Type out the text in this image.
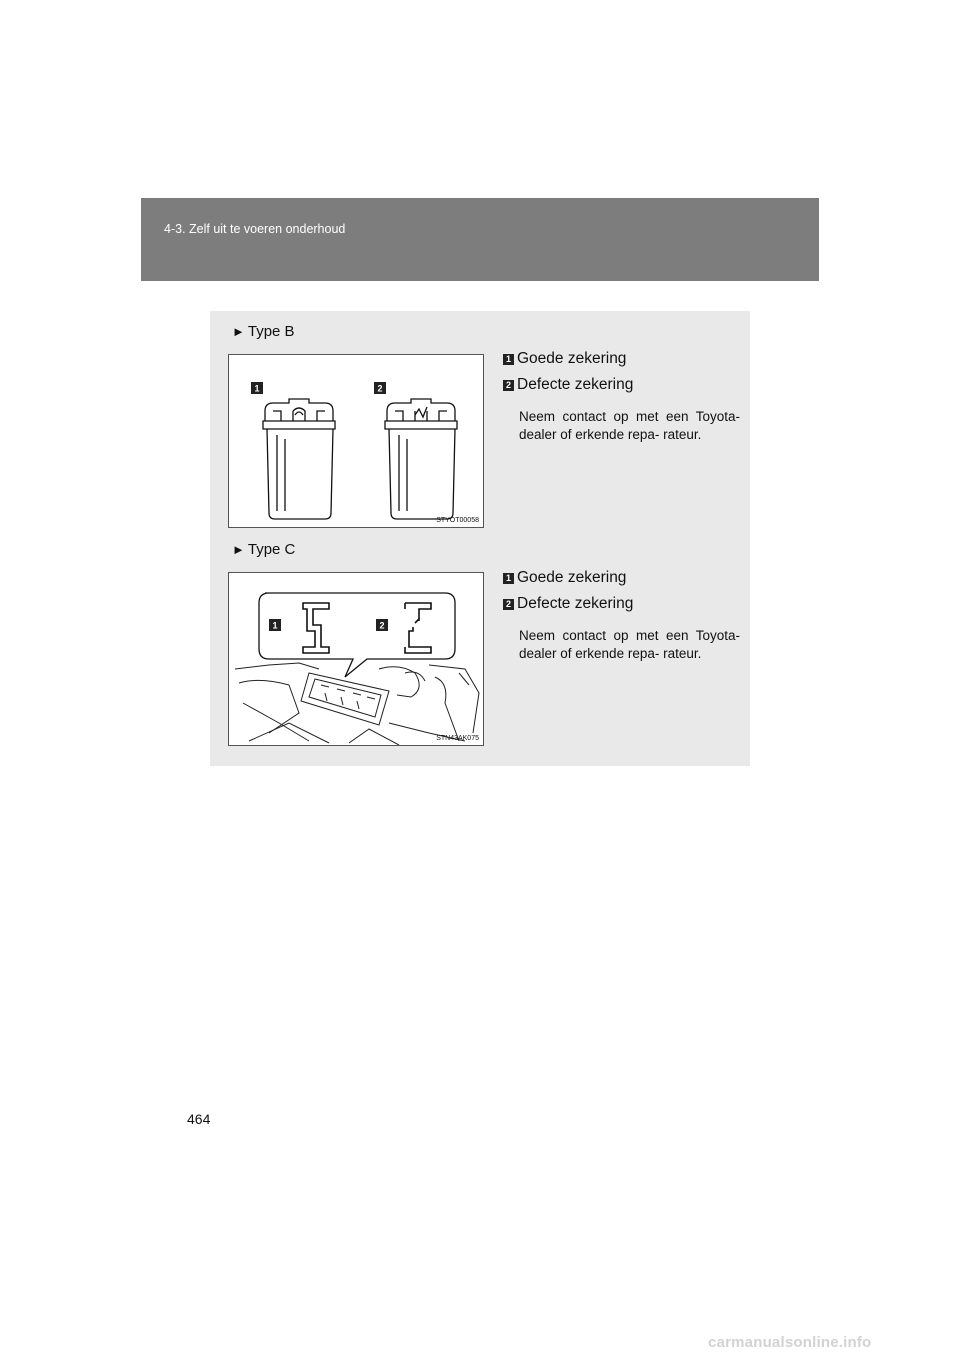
4-3. Zelf uit te voeren onderhoud
► Type B
1	2
STYOT00058
1 Goede zekering
2 Defecte zekering
Neem contact op met een Toyota-dealer of erkende repa- rateur.
► Type C
1	2
STN43AK075
1 Goede zekering
2 Defecte zekering
Neem contact op met een Toyota-dealer of erkende repa- rateur.
464
carmanualsonline.info
